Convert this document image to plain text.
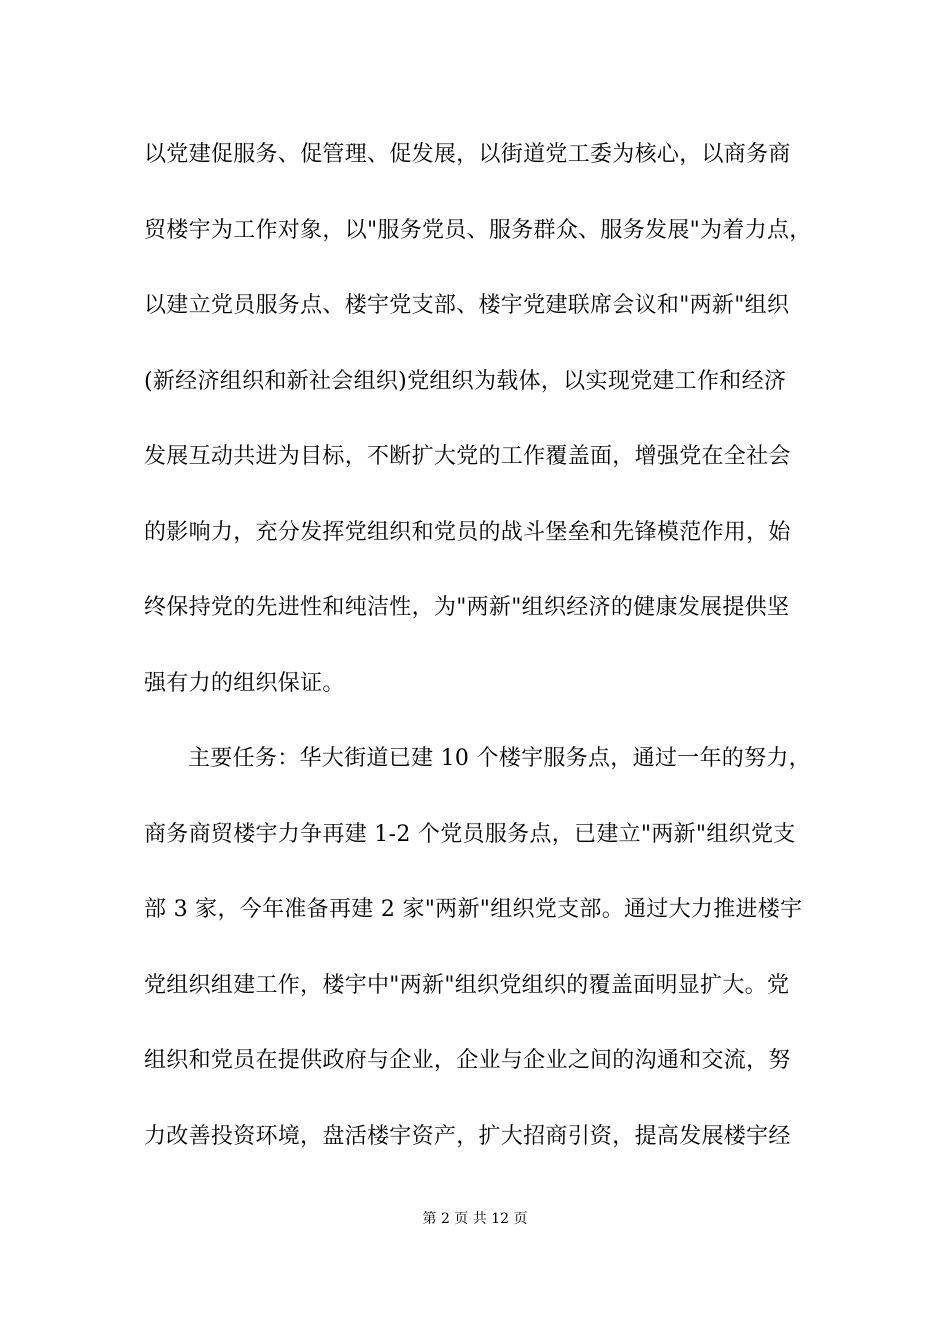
以党建促服务、促管理、促发展，以街道党工委为核心，以商务商
贸楼宇为工作对象，以"服务党员、服务群众、服务发展"为着力点，
以建立党员服务点、楼宇党支部、楼宇党建联席会议和"两新"组织
(新经济组织和新社会组织)党组织为载体，以实现党建工作和经济
发展互动共进为目标，不断扩大党的工作覆盖面，增强党在全社会
的影响力，充分发挥党组织和党员的战斗堡垒和先锋模范作用，始
终保持党的先进性和纯洁性，为"两新"组织经济的健康发展提供坚
强有力的组织保证。
主要任务：华大街道已建 10 个楼宇服务点，通过一年的努力，
商务商贸楼宇力争再建 1-2 个党员服务点，已建立"两新"组织党支
部 3 家，今年准备再建 2 家"两新"组织党支部。通过大力推进楼宇
党组织组建工作，楼宇中"两新"组织党组织的覆盖面明显扩大。党
组织和党员在提供政府与企业，企业与企业之间的沟通和交流，努
力改善投资环境，盘活楼宇资产，扩大招商引资，提高发展楼宇经
第 2 页 共 12 页
